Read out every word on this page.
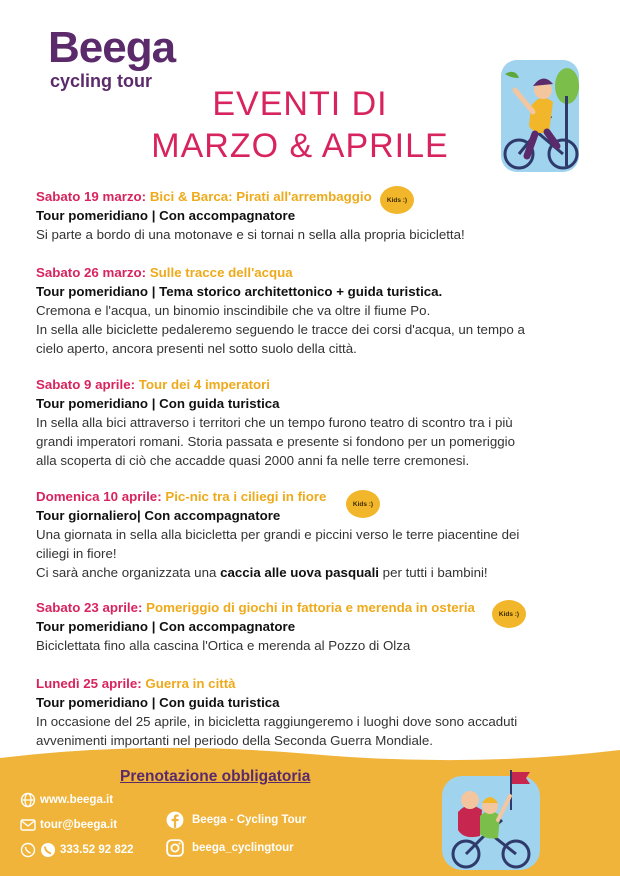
Beega
cycling tour
EVENTI DI
MARZO & APRILE
Sabato 19 marzo: Bici & Barca: Pirati all'arrembaggio
Tour pomeridiano | Con accompagnatore
Si parte a bordo di una motonave e si tornai n sella alla propria bicicletta!
Kids :)
Sabato 26 marzo: Sulle tracce dell'acqua
Tour pomeridiano | Tema storico architettonico + guida turistica.
Cremona e l'acqua, un binomio inscindibile che va oltre il fiume Po.
In sella alle biciclette pedaleremo seguendo le tracce dei corsi d'acqua, un tempo a
cielo aperto, ancora presenti nel sotto suolo della città.
Sabato 9 aprile: Tour dei 4 imperatori
Tour pomeridiano | Con guida turistica
In sella alla bici attraverso i territori che un tempo furono teatro di scontro tra i più
grandi imperatori romani. Storia passata e presente si fondono per un pomeriggio
alla scoperta di ciò che accadde quasi 2000 anni fa nelle terre cremonesi.
Domenica 10 aprile: Pic-nic tra i ciliegi in fiore
Tour giornaliero| Con accompagnatore
Una giornata in sella alla bicicletta per grandi e piccini verso le terre piacentine dei
ciliegi in fiore!
Ci sarà anche organizzata una caccia alle uova pasquali per tutti i bambini!
Kids :)
Sabato 23 aprile: Pomeriggio di giochi in fattoria e merenda in osteria
Tour pomeridiano | Con accompagnatore
Biciclettata fino alla cascina l'Ortica e merenda al Pozzo di Olza
Kids :)
Lunedì 25 aprile: Guerra in città
Tour pomeridiano | Con guida turistica
In occasione del 25 aprile, in bicicletta raggiungeremo i luoghi dove sono accaduti
avvenimenti importanti nel periodo della Seconda Guerra Mondiale.
Prenotazione obbligatoria
www.beega.it
tour@beega.it
333.52 92 822
Beega - Cycling Tour
beega_cyclingtour
